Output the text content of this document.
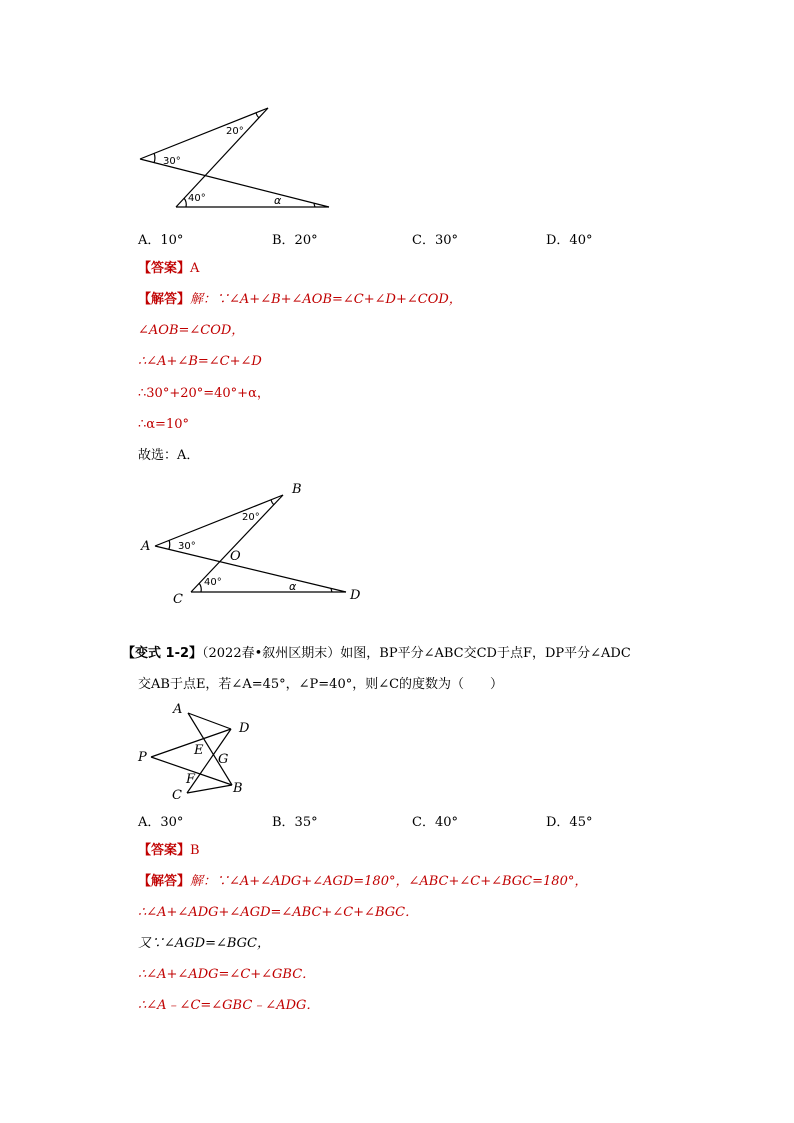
30°
20°
40°	α
A．10°	B．20°	C．30°	D．40°
【答案】A
【解答】解：∵∠A+∠B+∠AOB=∠C+∠D+∠COD，
∠AOB=∠COD，
∴∠A+∠B=∠C+∠D
∴30°+20°=40°+α，
∴α=10°
故选：A．
30°
20°
40°	α
A
B
C	D
O
【变式 1-2】（2022春•叙州区期末）如图，BP平分∠ABC交CD于点F，DP平分∠ADC
交AB于点E，若∠A=45°，∠P=40°，则∠C的度数为（　　）
A
D
P	E
G
F
C	B
A．30°	B．35°	C．40°	D．45°
【答案】B
【解答】解：∵∠A+∠ADG+∠AGD=180°，∠ABC+∠C+∠BGC=180°，
∴∠A+∠ADG+∠AGD=∠ABC+∠C+∠BGC．
又∵∠AGD=∠BGC，
∴∠A+∠ADG=∠C+∠GBC．
∴∠A﹣∠C=∠GBC﹣∠ADG．
